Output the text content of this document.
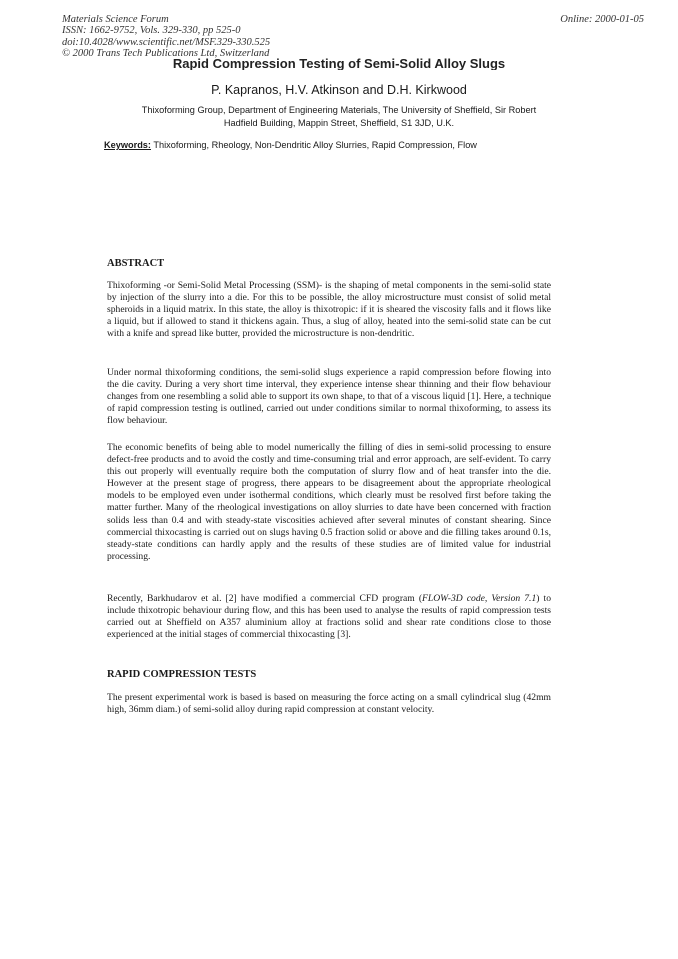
Materials Science Forum
ISSN: 1662-9752, Vols. 329-330, pp 525-0
doi:10.4028/www.scientific.net/MSF.329-330.525
© 2000 Trans Tech Publications Ltd, Switzerland
Online: 2000-01-05
Rapid Compression Testing of Semi-Solid Alloy Slugs
P. Kapranos, H.V. Atkinson and D.H. Kirkwood
Thixoforming Group, Department of Engineering Materials, The University of Sheffield, Sir Robert
Hadfield Building, Mappin Street, Sheffield, S1 3JD, U.K.
Keywords: Thixoforming, Rheology, Non-Dendritic Alloy Slurries, Rapid Compression, Flow
ABSTRACT
Thixoforming -or Semi-Solid Metal Processing (SSM)- is the shaping of metal components in the semi-solid state by injection of the slurry into a die. For this to be possible, the alloy microstructure must consist of solid metal spheroids in a liquid matrix. In this state, the alloy is thixotropic: if it is sheared the viscosity falls and it flows like a liquid, but if allowed to stand it thickens again. Thus, a slug of alloy, heated into the semi-solid state can be cut with a knife and spread like butter, provided the microstructure is non-dendritic.
Under normal thixoforming conditions, the semi-solid slugs experience a rapid compression before flowing into the die cavity. During a very short time interval, they experience intense shear thinning and their flow behaviour changes from one resembling a solid able to support its own shape, to that of a viscous liquid [1]. Here, a technique of rapid compression testing is outlined, carried out under conditions similar to normal thixoforming, to assess its flow behaviour.
The economic benefits of being able to model numerically the filling of dies in semi-solid processing to ensure defect-free products and to avoid the costly and time-consuming trial and error approach, are self-evident. To carry this out properly will eventually require both the computation of slurry flow and of heat transfer into the die. However at the present stage of progress, there appears to be disagreement about the appropriate rheological models to be employed even under isothermal conditions, which clearly must be resolved first before taking the matter further. Many of the rheological investigations on alloy slurries to date have been concerned with fraction solids less than 0.4 and with steady-state viscosities achieved after several minutes of constant shearing. Since commercial thixocasting is carried out on slugs having 0.5 fraction solid or above and die filling takes around 0.1s, steady-state conditions can hardly apply and the results of these studies are of limited value for industrial processing.
Recently, Barkhudarov et al. [2] have modified a commercial CFD program (FLOW-3D code, Version 7.1) to include thixotropic behaviour during flow, and this has been used to analyse the results of rapid compression tests carried out at Sheffield on A357 aluminium alloy at fractions solid and shear rate conditions close to those experienced at the initial stages of commercial thixocasting [3].
RAPID COMPRESSION TESTS
The present experimental work is based is based on measuring the force acting on a small cylindrical slug (42mm high, 36mm diam.) of semi-solid alloy during rapid compression at constant velocity.
